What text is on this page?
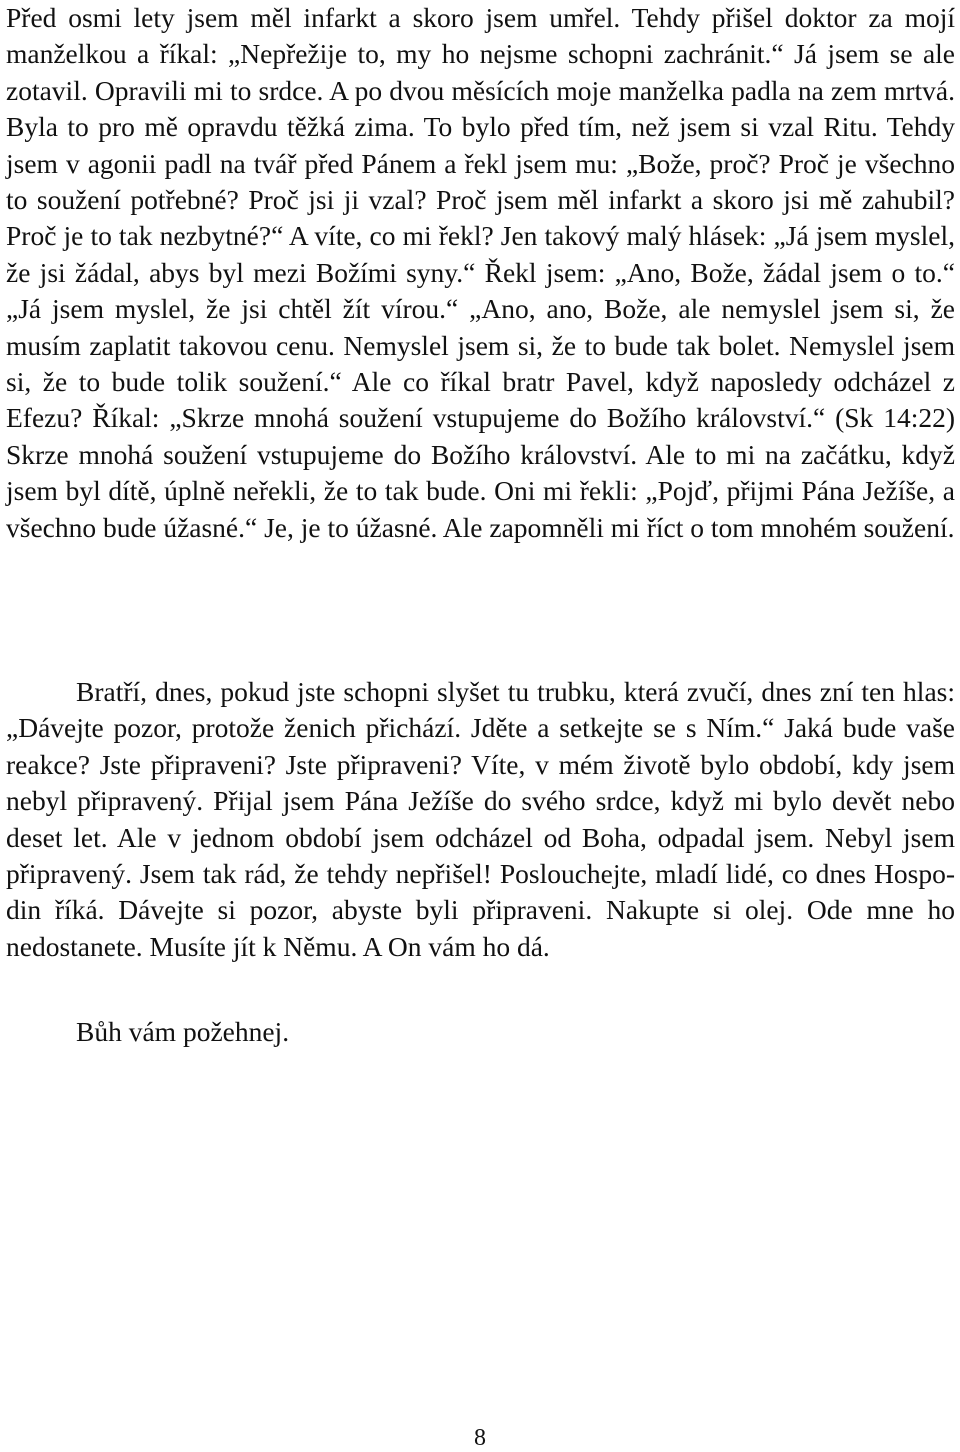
Před osmi lety jsem měl infarkt a skoro jsem umřel. Tehdy přišel doktor za mojí manželkou a říkal: „Nepřežije to, my ho nejsme schopni zachránit.“ Já jsem se ale zotavil. Opravili mi to srdce. A po dvou měsících moje manželka padla na zem mrtvá. Byla to pro mě opravdu těžká zima. To bylo před tím, než jsem si vzal Ritu. Tehdy jsem v agonii padl na tvář před Pánem a řekl jsem mu: „Bože, proč? Proč je všechno to soužení potřebné? Proč jsi ji vzal? Proč jsem měl infarkt a skoro jsi mě zahubil? Proč je to tak nezbytné?“ A víte, co mi řekl? Jen takový malý hlásek: „Já jsem myslel, že jsi žádal, abys byl mezi Božími syny.“ Řekl jsem: „Ano, Bože, žádal jsem o to.“ „Já jsem myslel, že jsi chtěl žít vírou.“ „Ano, ano, Bože, ale nemyslel jsem si, že musím zaplatit takovou cenu. Nemyslel jsem si, že to bude tak bolet. Nemyslel jsem si, že to bude tolik soužení.“ Ale co říkal bratr Pavel, když naposledy odcházel z Efezu? Říkal: „Skrze mnohá soužení vstupujeme do Božího království.“ (Sk 14:22) Skrze mnohá soužení vstupujeme do Božího království. Ale to mi na začátku, když jsem byl dítě, úplně neřekli, že to tak bude. Oni mi řekli: „Pojď, přijmi Pána Ježíše, a všechno bude úžasné.“ Je, je to úžasné. Ale zapomněli mi říct o tom mnohém soužení.

Bratří, dnes, pokud jste schopni slyšet tu trubku, která zvučí, dnes zní ten hlas: „Dávejte pozor, protože ženich přichází. Jděte a setkejte se s Ním.“ Jaká bude vaše reakce? Jste připraveni? Jste připraveni? Víte, v mém životě bylo období, kdy jsem nebyl připravený. Přijal jsem Pána Ježíše do svého srdce, když mi bylo devět nebo deset let. Ale v jednom období jsem odcházel od Boha, odpadal jsem. Nebyl jsem připravený. Jsem tak rád, že tehdy nepřišel! Poslouchejte, mladí lidé, co dnes Hospodin říká. Dávejte si pozor, abyste byli připraveni. Nakupte si olej. Ode mne ho nedostanete. Musíte jít k Němu. A On vám ho dá.

Bůh vám požehnej.

8
